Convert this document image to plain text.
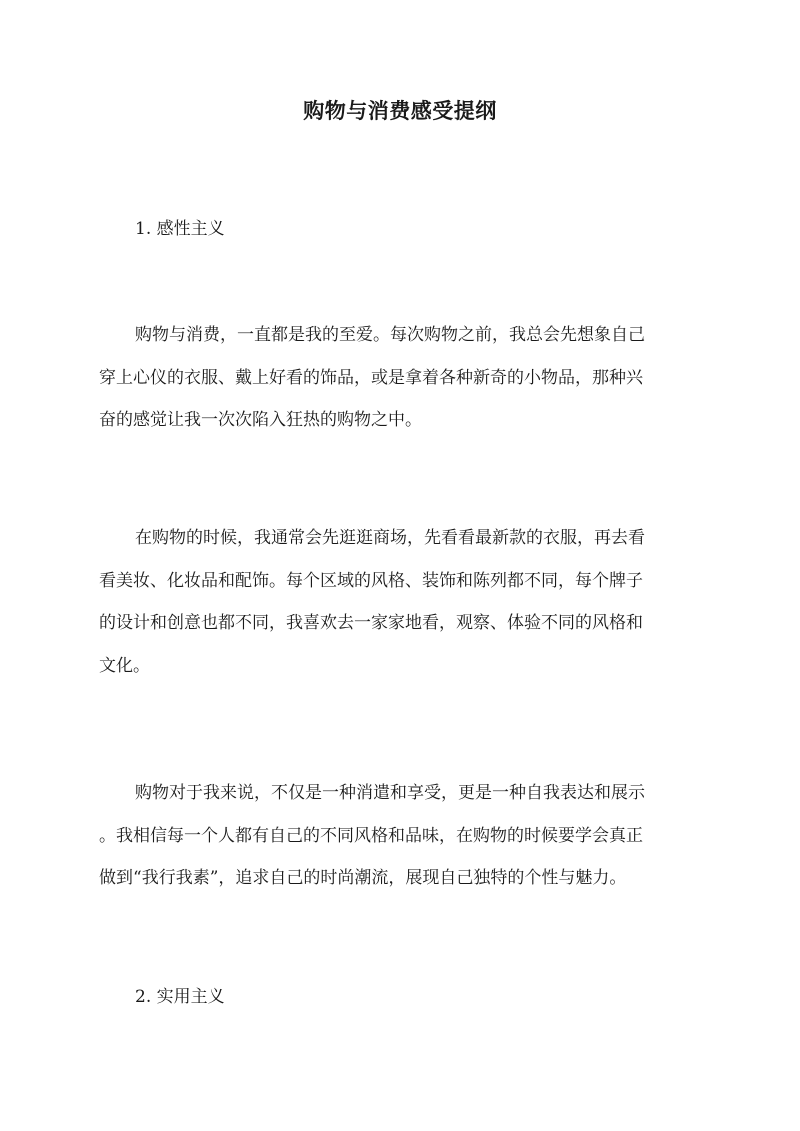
购物与消费感受提纲
1. 感性主义
购物与消费，一直都是我的至爱。每次购物之前，我总会先想象自己
穿上心仪的衣服、戴上好看的饰品，或是拿着各种新奇的小物品，那种兴
奋的感觉让我一次次陷入狂热的购物之中。
在购物的时候，我通常会先逛逛商场，先看看最新款的衣服，再去看
看美妆、化妆品和配饰。每个区域的风格、装饰和陈列都不同，每个牌子
的设计和创意也都不同，我喜欢去一家家地看，观察、体验不同的风格和
文化。
购物对于我来说，不仅是一种消遣和享受，更是一种自我表达和展示
。我相信每一个人都有自己的不同风格和品味，在购物的时候要学会真正
做到“我行我素”，追求自己的时尚潮流，展现自己独特的个性与魅力。
2. 实用主义
